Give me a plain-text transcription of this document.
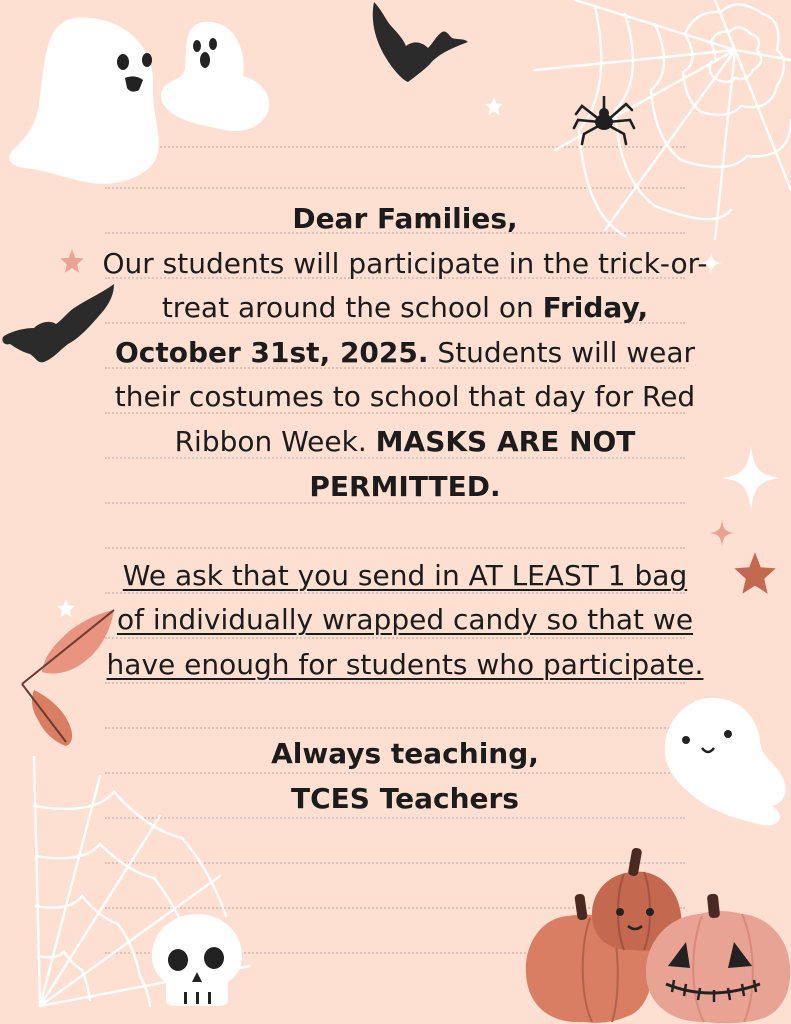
Dear Families,

Our students will participate in the trick-or-treat around the school on Friday, October 31st, 2025. Students will wear their costumes to school that day for Red Ribbon Week. MASKS ARE NOT PERMITTED.

We ask that you send in AT LEAST 1 bag of individually wrapped candy so that we have enough for students who participate.

Always teaching,

TCES Teachers
